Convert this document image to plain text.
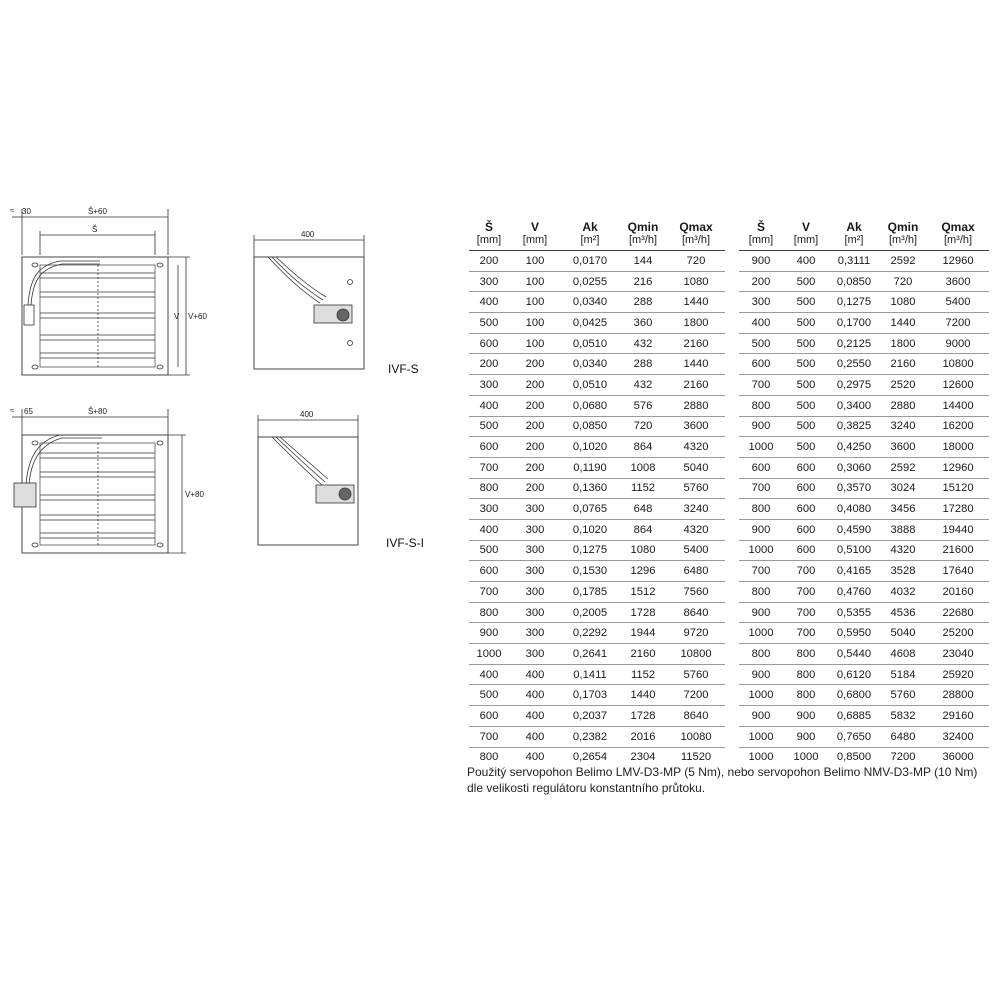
≈ 30	Š+60
Š
V V+60
400
IVF-S
≈ 65	Š+80
V+80
400
IVF-S-I
Š	V	Ak	Qmin	Qmax
[mm]	[mm]	[m²]	[m³/h]	[m³/h]
200	100	0,0170	144	720
300	100	0,0255	216	1080
400	100	0,0340	288	1440
500	100	0,0425	360	1800
600	100	0,0510	432	2160
200	200	0,0340	288	1440
300	200	0,0510	432	2160
400	200	0,0680	576	2880
500	200	0,0850	720	3600
600	200	0,1020	864	4320
700	200	0,1190	1008	5040
800	200	0,1360	1152	5760
300	300	0,0765	648	3240
400	300	0,1020	864	4320
500	300	0,1275	1080	5400
600	300	0,1530	1296	6480
700	300	0,1785	1512	7560
800	300	0,2005	1728	8640
900	300	0,2292	1944	9720
1000	300	0,2641	2160	10800
400	400	0,1411	1152	5760
500	400	0,1703	1440	7200
600	400	0,2037	1728	8640
700	400	0,2382	2016	10080
800	400	0,2654	2304	11520
Š	V	Ak	Qmin	Qmax
[mm]	[mm]	[m²]	[m³/h]	[m³/h]
900	400	0,3111	2592	12960
200	500	0,0850	720	3600
300	500	0,1275	1080	5400
400	500	0,1700	1440	7200
500	500	0,2125	1800	9000
600	500	0,2550	2160	10800
700	500	0,2975	2520	12600
800	500	0,3400	2880	14400
900	500	0,3825	3240	16200
1000	500	0,4250	3600	18000
600	600	0,3060	2592	12960
700	600	0,3570	3024	15120
800	600	0,4080	3456	17280
900	600	0,4590	3888	19440
1000	600	0,5100	4320	21600
700	700	0,4165	3528	17640
800	700	0,4760	4032	20160
900	700	0,5355	4536	22680
1000	700	0,5950	5040	25200
800	800	0,5440	4608	23040
900	800	0,6120	5184	25920
1000	800	0,6800	5760	28800
900	900	0,6885	5832	29160
1000	900	0,7650	6480	32400
1000	1000	0,8500	7200	36000
Použitý servopohon Belimo LMV-D3-MP (5 Nm), nebo servopohon Belimo NMV-D3-MP (10 Nm)
dle velikosti regulátoru konstantního průtoku.
